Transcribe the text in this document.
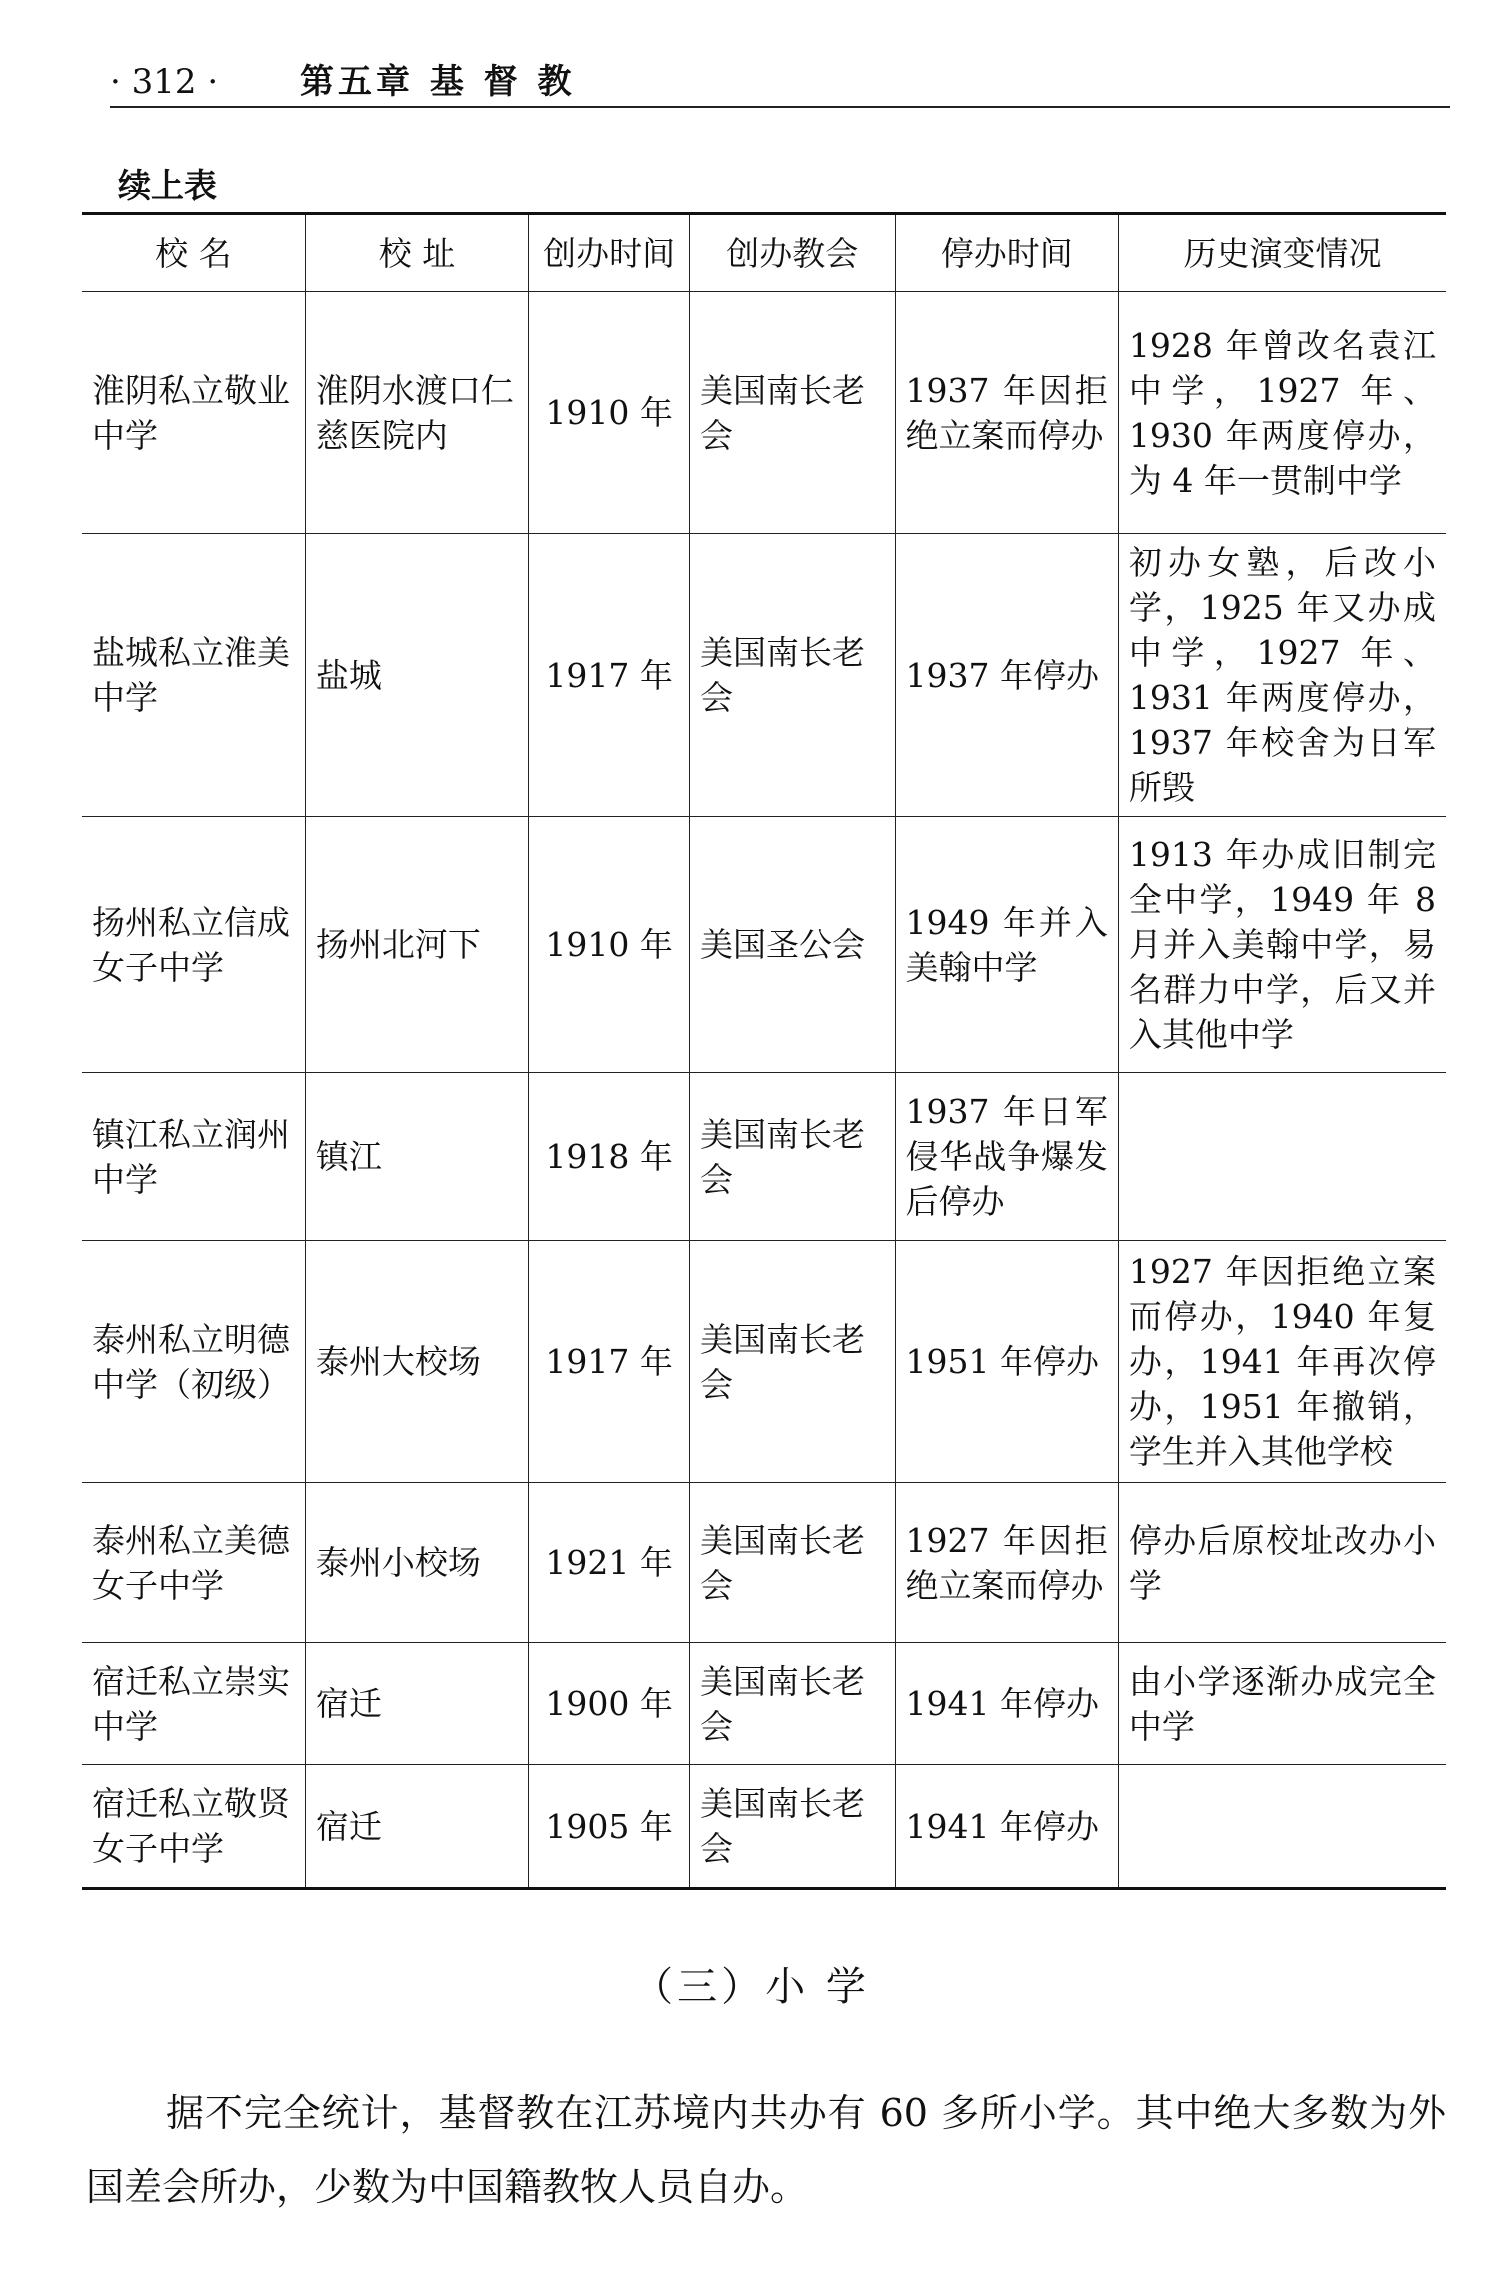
· 312 · 第五章 基 督 教
续上表
校 名	校 址	创办时间	创办教会	停办时间	历史演变情况
淮阴私立敬业中学	淮阴水渡口仁慈医院内	1910 年	美国南长老会	1937 年因拒绝立案而停办	1928 年曾改名袁江中学，1927 年、1930 年两度停办，为 4 年一贯制中学
盐城私立淮美中学	盐城	1917 年	美国南长老会	1937 年停办	初办女塾，后改小学，1925 年又办成中学，1927 年、1931 年两度停办，1937 年校舍为日军所毁
扬州私立信成女子中学	扬州北河下	1910 年	美国圣公会	1949 年并入美翰中学	1913 年办成旧制完全中学，1949 年 8 月并入美翰中学，易名群力中学，后又并入其他中学
镇江私立润州中学	镇江	1918 年	美国南长老会	1937 年日军侵华战争爆发后停办	
泰州私立明德中学（初级）	泰州大校场	1917 年	美国南长老会	1951 年停办	1927 年因拒绝立案而停办，1940 年复办，1941 年再次停办，1951 年撤销，学生并入其他学校
泰州私立美德女子中学	泰州小校场	1921 年	美国南长老会	1927 年因拒绝立案而停办	停办后原校址改办小学
宿迁私立崇实中学	宿迁	1900 年	美国南长老会	1941 年停办	由小学逐渐办成完全中学
宿迁私立敬贤女子中学	宿迁	1905 年	美国南长老会	1941 年停办	
（三）小 学

据不完全统计，基督教在江苏境内共办有 60 多所小学。其中绝大多数为外国差会所办，少数为中国籍教牧人员自办。
